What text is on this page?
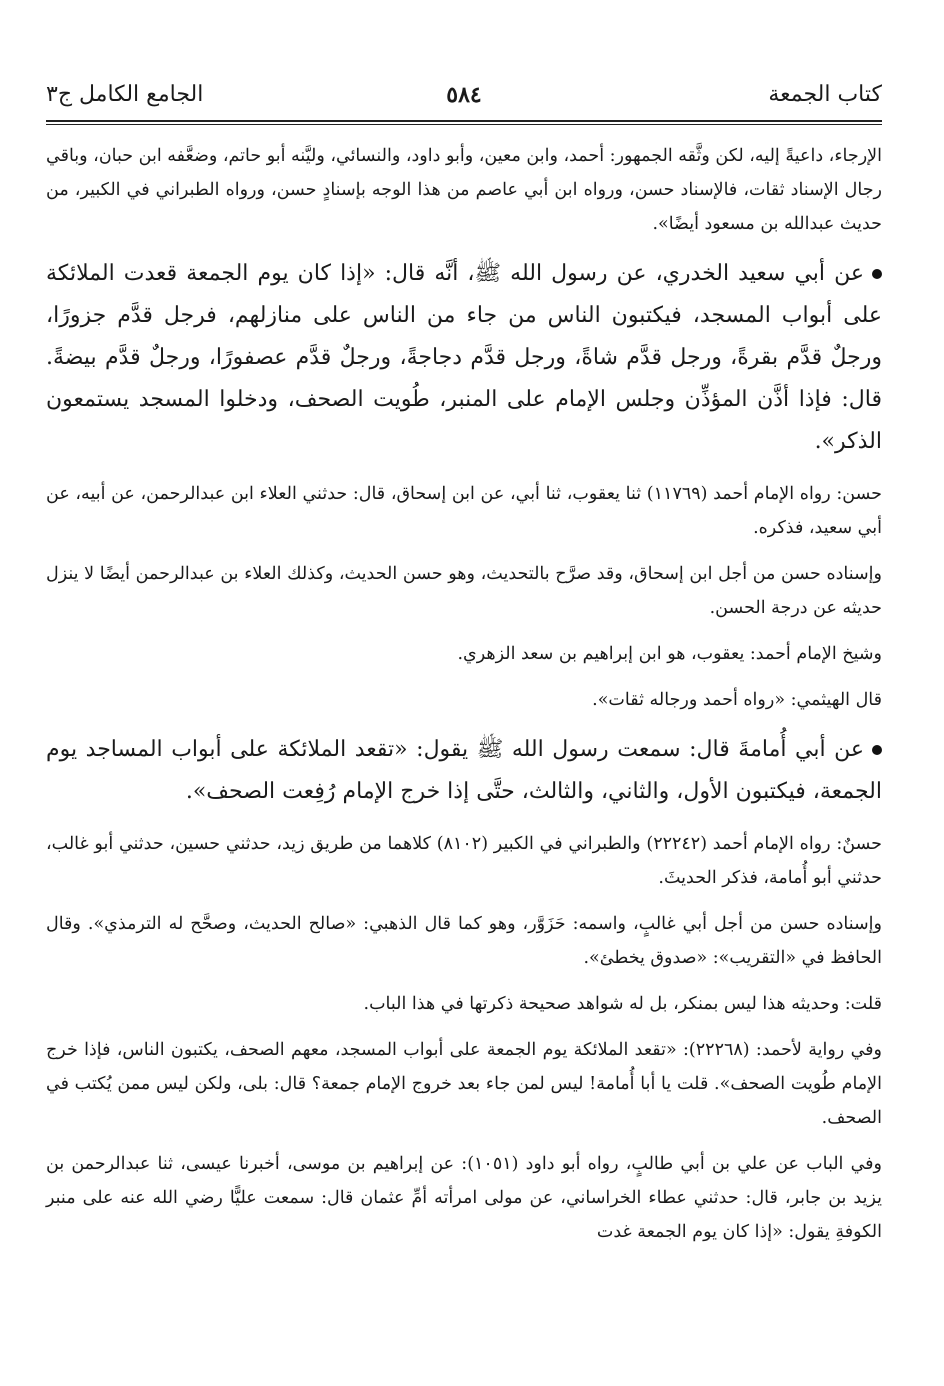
كتاب الجمعة
٥٨٤
الجامع الكامل ج٣

الإرجاء، داعيةً إليه، لكن وثَّقه الجمهور: أحمد، وابن معين، وأبو داود، والنسائي، وليَّنه أبو حاتم، وضعَّفه ابن حبان، وباقي رجال الإسناد ثقات، فالإسناد حسن، ورواه ابن أبي عاصم من هذا الوجه بإسنادٍ حسن، ورواه الطبراني في الكبير، من حديث عبدالله بن مسعود أيضًا».

عن أبي سعيد الخدري، عن رسول الله ﷺ، أنَّه قال: «إذا كان يوم الجمعة قعدت الملائكة على أبواب المسجد، فيكتبون الناس من جاء من الناس على منازلهم، فرجل قدَّم جزورًا، ورجلٌ قدَّم بقرةً، ورجل قدَّم شاةً، ورجل قدَّم دجاجةً، ورجلٌ قدَّم عصفورًا، ورجلٌ قدَّم بيضةً. قال: فإذا أذَّن المؤذِّن وجلس الإمام على المنبر، طُويت الصحف، ودخلوا المسجد يستمعون الذكر».

حسن: رواه الإمام أحمد (١١٧٦٩) ثنا يعقوب، ثنا أبي، عن ابن إسحاق، قال: حدثني العلاء ابن عبدالرحمن، عن أبيه، عن أبي سعيد، فذكره.

وإسناده حسن من أجل ابن إسحاق، وقد صرَّح بالتحديث، وهو حسن الحديث، وكذلك العلاء بن عبدالرحمن أيضًا لا ينزل حديثه عن درجة الحسن.

وشيخ الإمام أحمد: يعقوب، هو ابن إبراهيم بن سعد الزهري.

قال الهيثمي: «رواه أحمد ورجاله ثقات».

عن أبي أُمامةَ قال: سمعت رسول الله ﷺ يقول: «تقعد الملائكة على أبواب المساجد يوم الجمعة، فيكتبون الأول، والثاني، والثالث، حتَّى إذا خرج الإمام رُفِعت الصحف».

حسنٌ: رواه الإمام أحمد (٢٢٢٤٢) والطبراني في الكبير (٨١٠٢) كلاهما من طريق زيد، حدثني حسين، حدثني أبو غالب، حدثني أبو أُمامة، فذكر الحديثَ.

وإسناده حسن من أجل أبي غالبٍ، واسمه: حَزَوَّر، وهو كما قال الذهبي: «صالح الحديث، وصحَّح له الترمذي». وقال الحافظ في «التقريب»: «صدوق يخطئ».

قلت: وحديثه هذا ليس بمنكر، بل له شواهد صحيحة ذكرتها في هذا الباب.

وفي رواية لأحمد: (٢٢٢٦٨): «تقعد الملائكة يوم الجمعة على أبواب المسجد، معهم الصحف، يكتبون الناس، فإذا خرج الإمام طُويت الصحف». قلت يا أبا أُمامة! ليس لمن جاء بعد خروج الإمام جمعة؟ قال: بلى، ولكن ليس ممن يُكتب في الصحف.

وفي الباب عن علي بن أبي طالبٍ، رواه أبو داود (١٠٥١): عن إبراهيم بن موسى، أخبرنا عيسى، ثنا عبدالرحمن بن يزيد بن جابر، قال: حدثني عطاء الخراساني، عن مولى امرأته أمِّ عثمان قال: سمعت عليًّا رضي الله عنه على منبر الكوفةِ يقول: «إذا كان يوم الجمعة غدت
